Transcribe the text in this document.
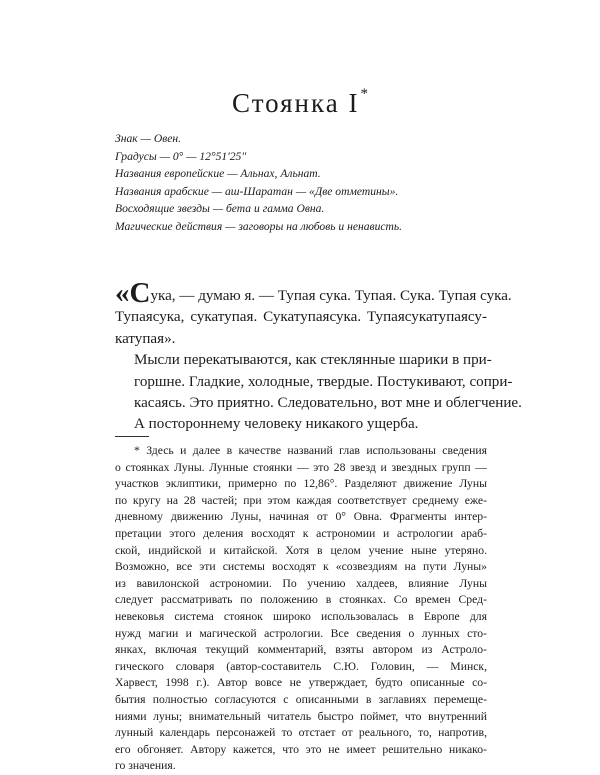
Стоянка I*
Знак — Овен.
Градусы — 0° — 12°51′25″
Названия европейские — Альнах, Альнат.
Названия арабские — аш-Шаратан — «Две отметины».
Восходящие звезды — бета и гамма Овна.
Магические действия — заговоры на любовь и ненависть.

«Сука, — думаю я. — Тупая сука. Тупая. Сука. Тупая сука.
Тупаясука, сукатупая. Сукатупаясука. Тупаясукатупаясу-
катупая».

Мысли перекатываются, как стеклянные шарики в при-
горшне. Гладкие, холодные, твердые. Постукивают, сопри-
касаясь. Это приятно. Следовательно, вот мне и облегчение.
А постороннему человеку никакого ущерба.

* Здесь и далее в качестве названий глав использованы сведения
о стоянках Луны. Лунные стоянки — это 28 звезд и звездных групп —
участков эклиптики, примерно по 12,86°. Разделяют движение Луны
по кругу на 28 частей; при этом каждая соответствует среднему еже-
дневному движению Луны, начиная от 0° Овна. Фрагменты интер-
претации этого деления восходят к астрономии и астрологии араб-
ской, индийской и китайской. Хотя в целом учение ныне утеряно.
Возможно, все эти системы восходят к «созвездиям на пути Луны»
из вавилонской астрономии. По учению халдеев, влияние Луны
следует рассматривать по положению в стоянках. Со времен Сред-
невековья система стоянок широко использовалась в Европе для
нужд магии и магической астрологии. Все сведения о лунных сто-
янках, включая текущий комментарий, взяты автором из Астроло-
гического словаря (автор-составитель С.Ю. Головин, — Минск,
Харвест, 1998 г.). Автор вовсе не утверждает, будто описанные со-
бытия полностью согласуются с описанными в заглавиях перемеще-
ниями луны; внимательный читатель быстро поймет, что внутренний
лунный календарь персонажей то отстает от реального, то, напротив,
его обгоняет. Автору кажется, что это не имеет решительно никако-
го значения.
